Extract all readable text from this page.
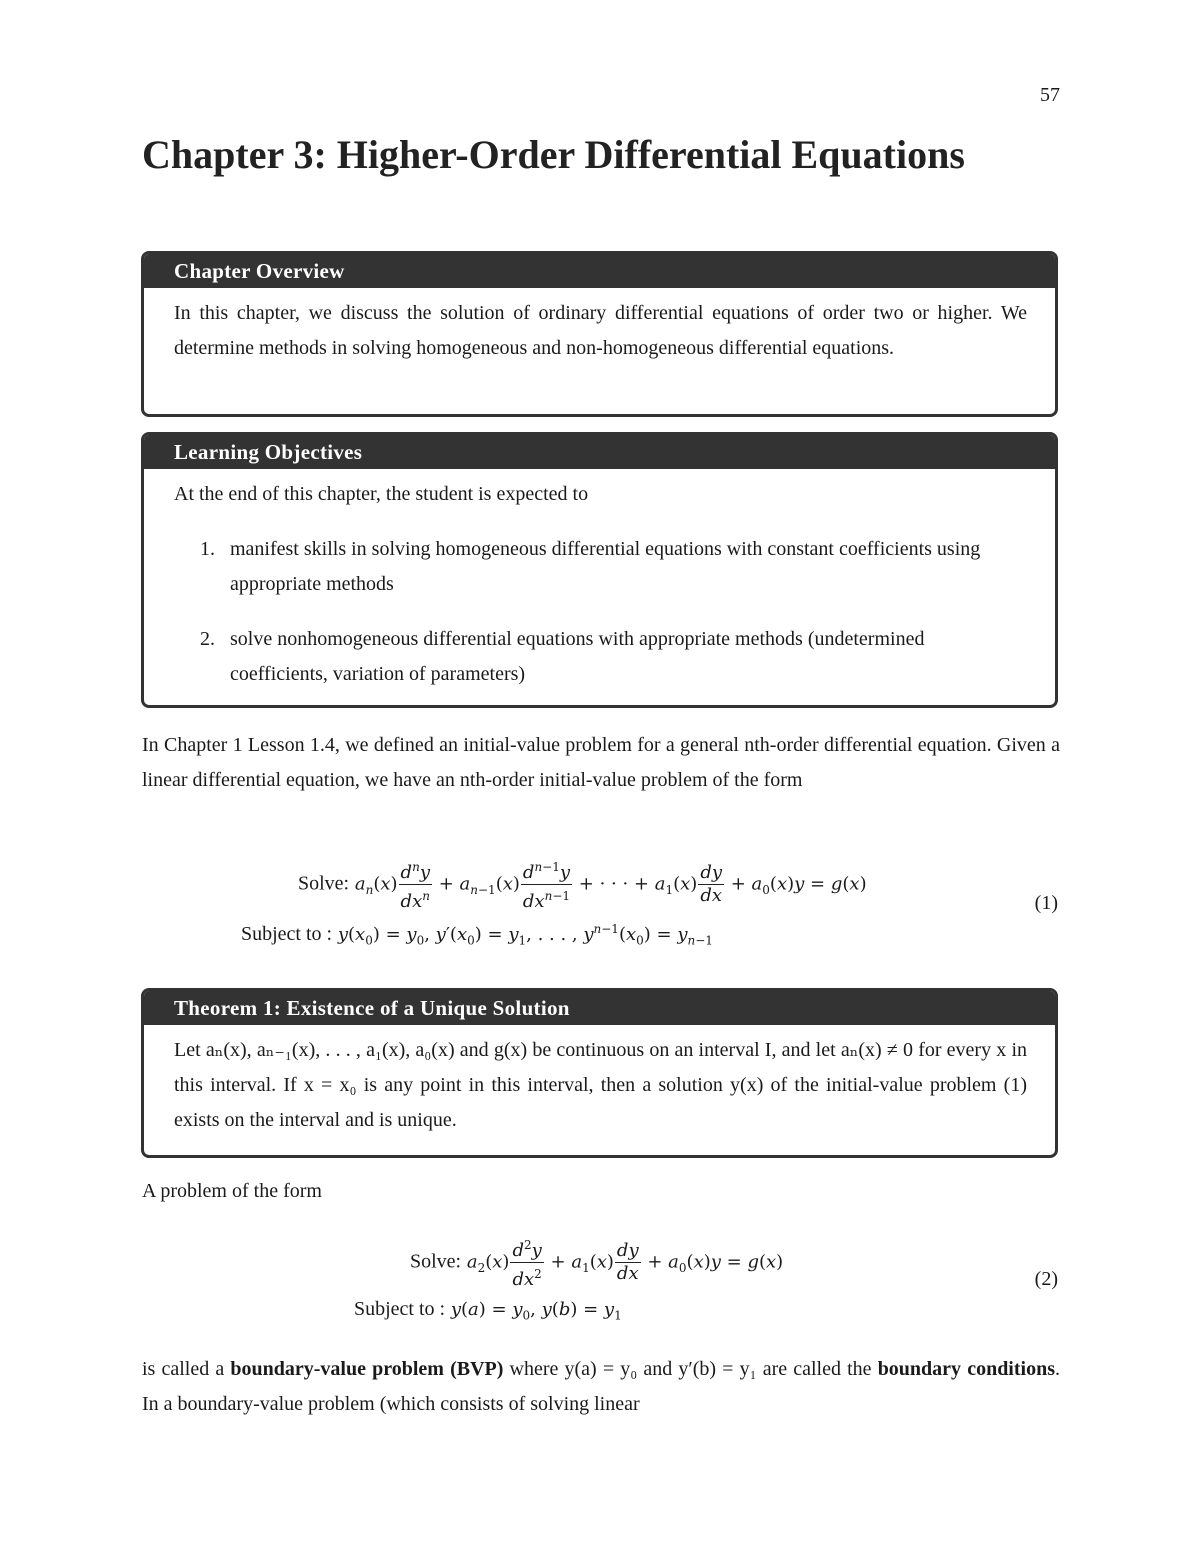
57
Chapter 3: Higher-Order Differential Equations
Chapter Overview
In this chapter, we discuss the solution of ordinary differential equations of order two or higher. We determine methods in solving homogeneous and non-homogeneous differential equations.
Learning Objectives
At the end of this chapter, the student is expected to
1. manifest skills in solving homogeneous differential equations with constant coefficients using appropriate methods
2. solve nonhomogeneous differential equations with appropriate methods (undetermined coefficients, variation of parameters)

In Chapter 1 Lesson 1.4, we defined an initial-value problem for a general nth-order differential equation. Given a linear differential equation, we have an nth-order initial-value problem of the form

Solve: $a_n(x) \frac{d^ny}{dx^n} + a_{n-1}(x) \frac{d^{n-1}y}{dx^{n-1}}$ + · · · + $a_1(x) \frac{dy}{dx} + a_0(x)y = g(x)$
Subject to : $y(x_0) = y_0$, $y'(x_0) = y_1$, . . . , $y^{n-1}(x_0) = y_{n-1}$
(1)
Theorem 1: Existence of a Unique Solution
Let aₙ(x), aₙ₋₁(x), . . . , a₁(x), a₀(x) and g(x) be continuous on an interval I, and let aₙ(x) ≠ 0 for every x in this interval. If x = x₀ is any point in this interval, then a solution y(x) of the initial-value problem (1) exists on the interval and is unique.

A problem of the form

Solve: $a_2(x) \frac{d^2y}{dx^2} + a_1(x) \frac{dy}{dx} + a_0(x)y = g(x)$
Subject to : $y(a) = y_0$, $y(b) = y_1$
(2)

is called a boundary-value problem (BVP) where y(a) = y₀ and y′(b) = y₁ are called the boundary conditions. In a boundary-value problem (which consists of solving linear
